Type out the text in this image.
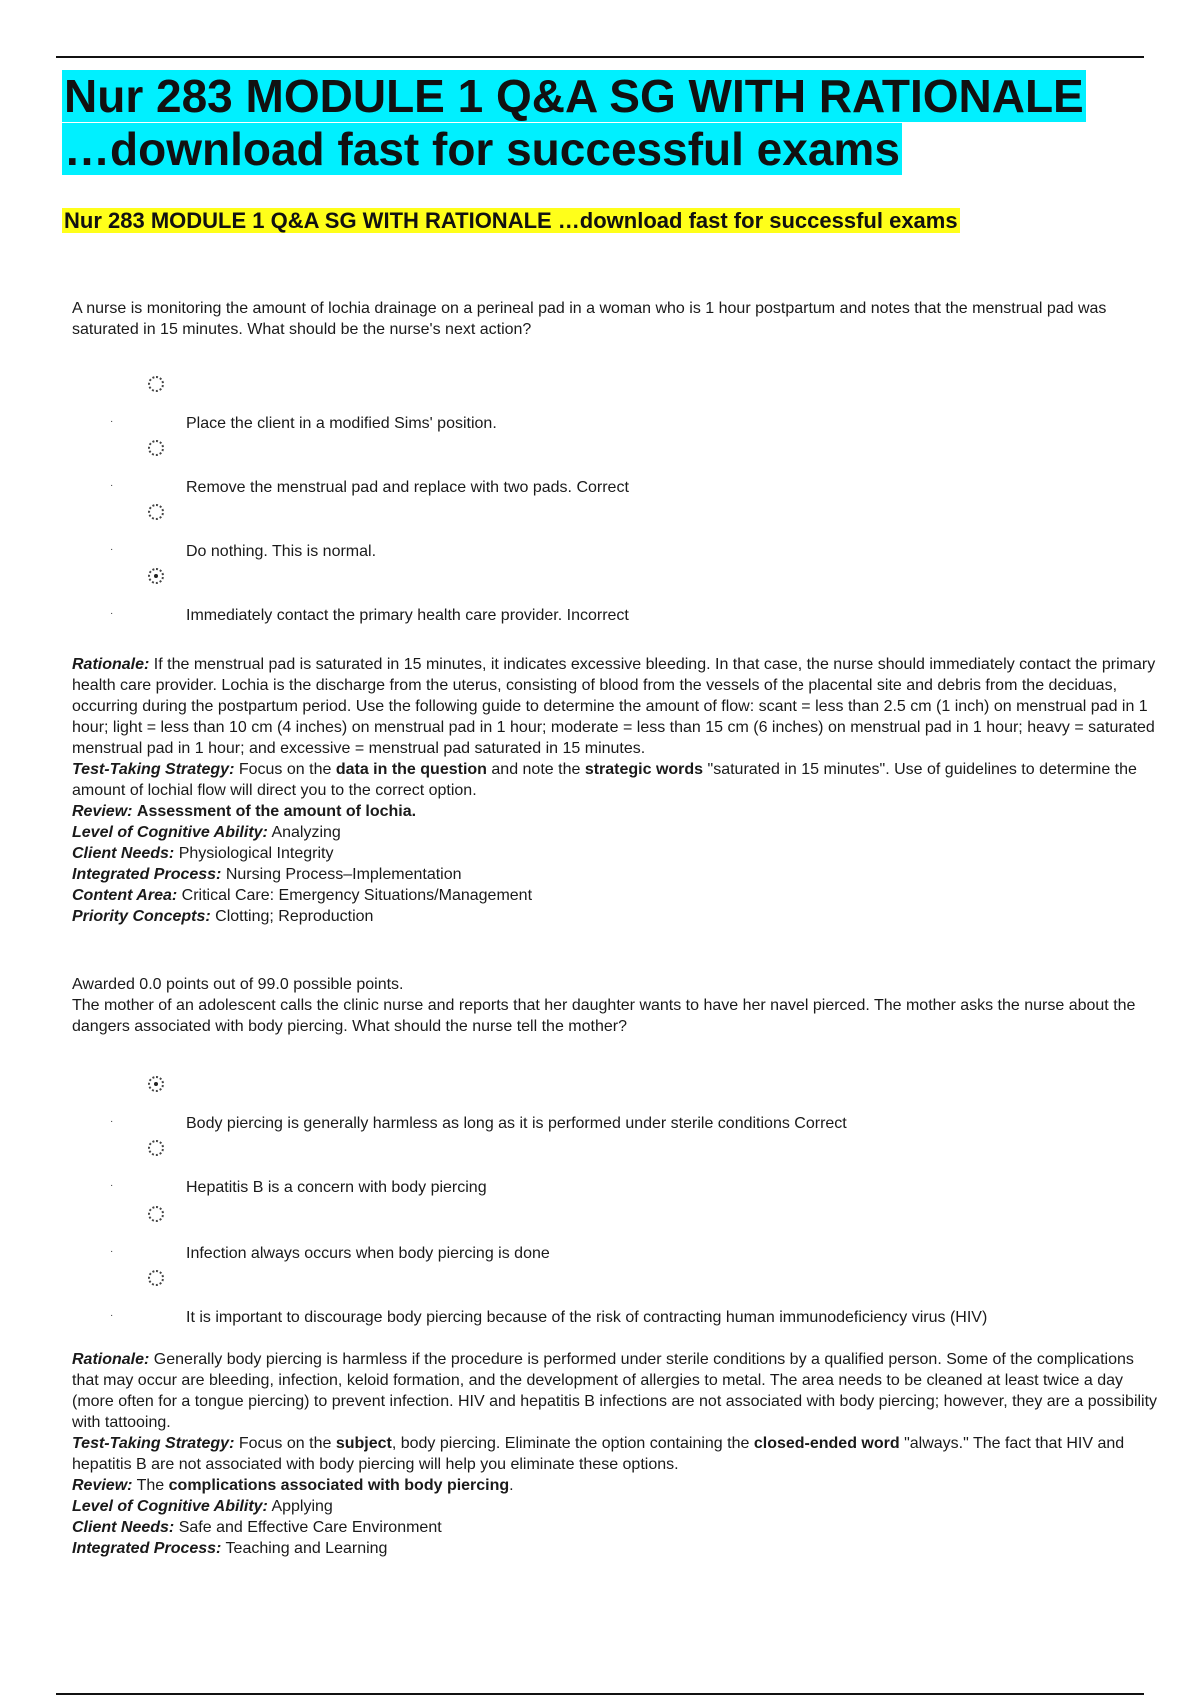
Nur 283 MODULE 1 Q&A SG WITH RATIONALE
…download fast for successful exams
Nur 283 MODULE 1 Q&A SG WITH RATIONALE …download fast for successful exams
A nurse is monitoring the amount of lochia drainage on a perineal pad in a woman who is 1 hour postpartum and notes that the menstrual pad was saturated in 15 minutes. What should be the nurse's next action?
·	Place the client in a modified Sims' position.
·	Remove the menstrual pad and replace with two pads. Correct
·	Do nothing. This is normal.
·	Immediately contact the primary health care provider. Incorrect
Rationale: If the menstrual pad is saturated in 15 minutes, it indicates excessive bleeding. In that case, the nurse should immediately contact the primary health care provider. Lochia is the discharge from the uterus, consisting of blood from the vessels of the placental site and debris from the deciduas, occurring during the postpartum period. Use the following guide to determine the amount of flow: scant = less than 2.5 cm (1 inch) on menstrual pad in 1 hour; light = less than 10 cm (4 inches) on menstrual pad in 1 hour; moderate = less than 15 cm (6 inches) on menstrual pad in 1 hour; heavy = saturated menstrual pad in 1 hour; and excessive = menstrual pad saturated in 15 minutes.
Test-Taking Strategy: Focus on the data in the question and note the strategic words "saturated in 15 minutes". Use of guidelines to determine the amount of lochial flow will direct you to the correct option.
Review: Assessment of the amount of lochia.
Level of Cognitive Ability: Analyzing
Client Needs: Physiological Integrity
Integrated Process: Nursing Process–Implementation
Content Area: Critical Care: Emergency Situations/Management
Priority Concepts: Clotting; Reproduction
Awarded 0.0 points out of 99.0 possible points.
The mother of an adolescent calls the clinic nurse and reports that her daughter wants to have her navel pierced. The mother asks the nurse about the dangers associated with body piercing. What should the nurse tell the mother?
·	Body piercing is generally harmless as long as it is performed under sterile conditions Correct
·	Hepatitis B is a concern with body piercing
·	Infection always occurs when body piercing is done
·	It is important to discourage body piercing because of the risk of contracting human immunodeficiency virus (HIV)
Rationale: Generally body piercing is harmless if the procedure is performed under sterile conditions by a qualified person. Some of the complications that may occur are bleeding, infection, keloid formation, and the development of allergies to metal. The area needs to be cleaned at least twice a day (more often for a tongue piercing) to prevent infection. HIV and hepatitis B infections are not associated with body piercing; however, they are a possibility with tattooing.
Test-Taking Strategy: Focus on the subject, body piercing. Eliminate the option containing the closed-ended word "always." The fact that HIV and hepatitis B are not associated with body piercing will help you eliminate these options.
Review: The complications associated with body piercing.
Level of Cognitive Ability: Applying
Client Needs: Safe and Effective Care Environment
Integrated Process: Teaching and Learning
